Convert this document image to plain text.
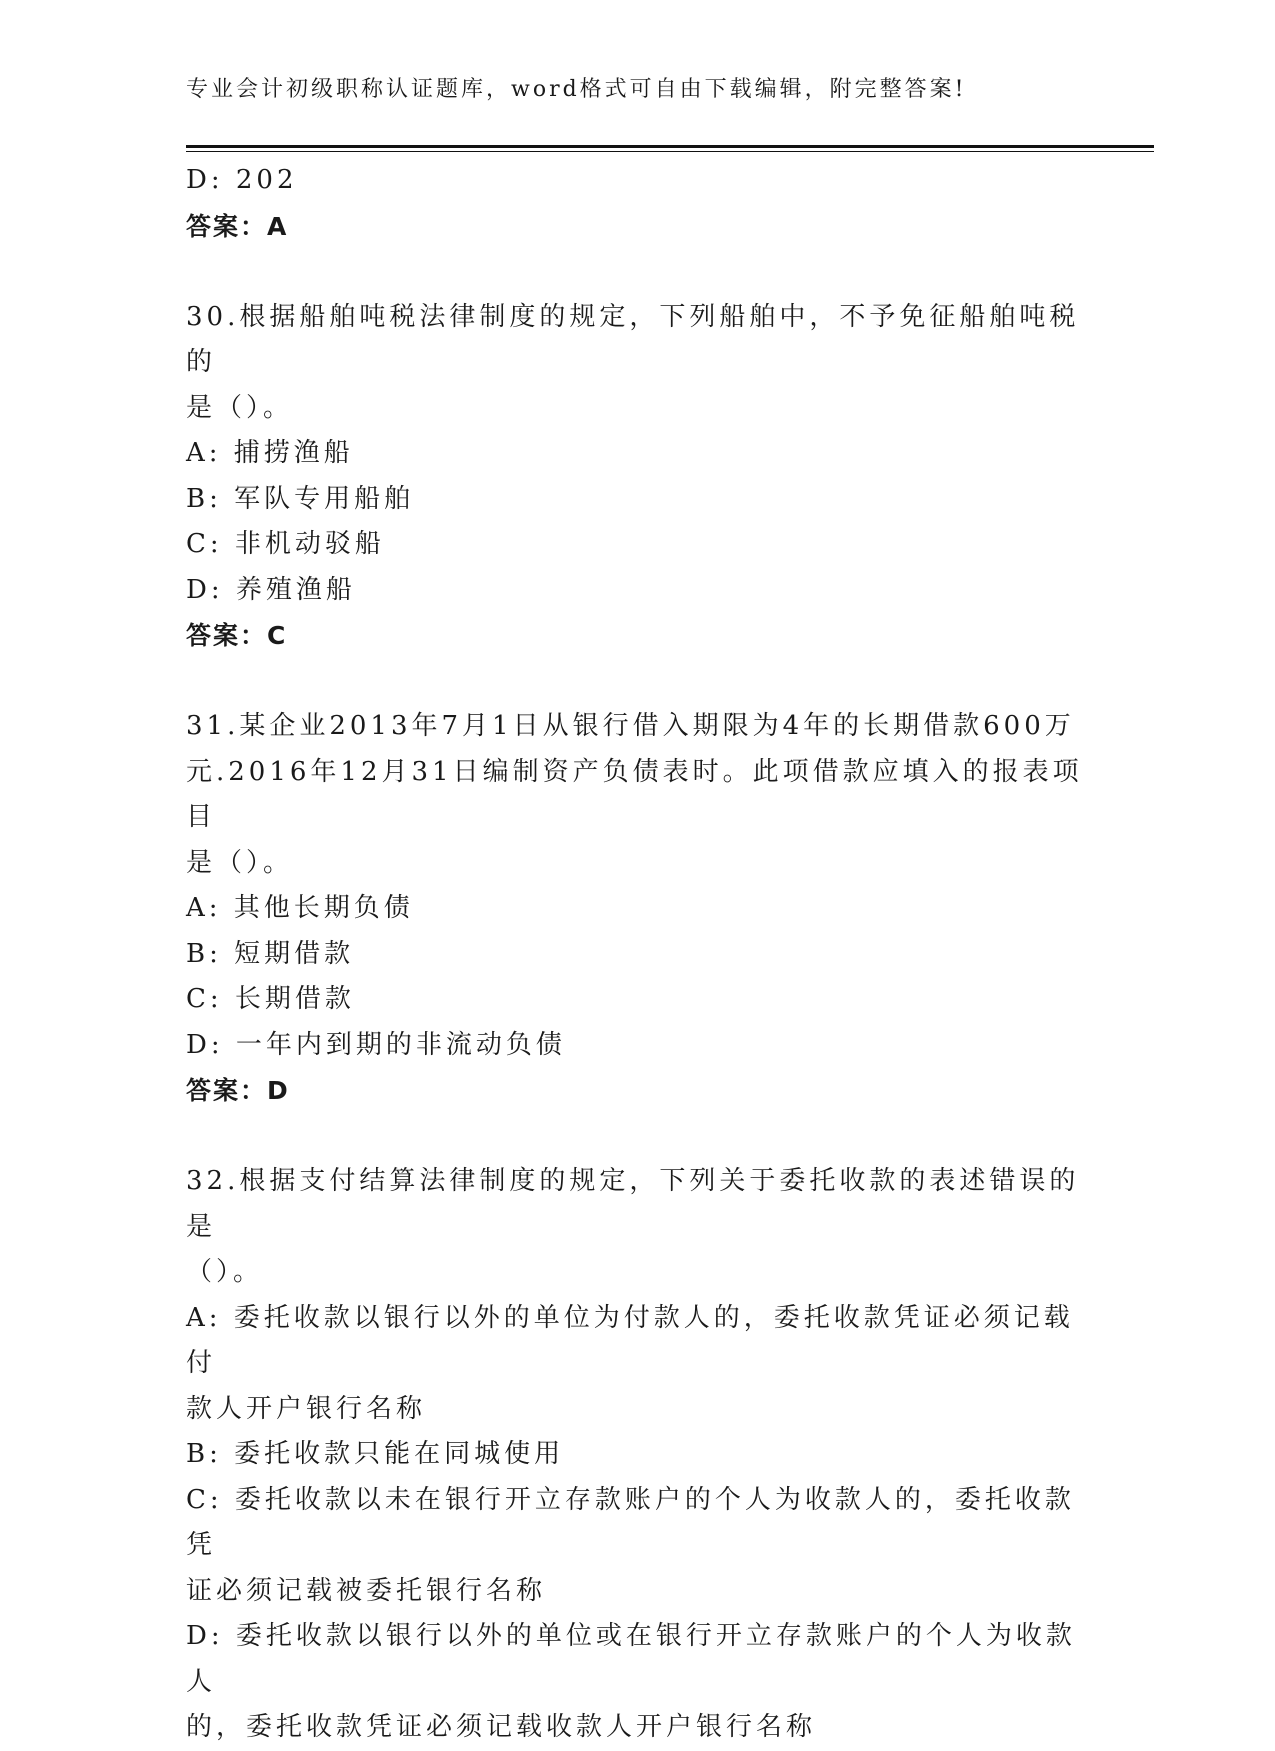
专业会计初级职称认证题库，word格式可自由下载编辑，附完整答案!

D: 202

答案：A

30.根据船舶吨税法律制度的规定，下列船舶中，不予免征船舶吨税的

是（）。

A: 捕捞渔船

B: 军队专用船舶

C: 非机动驳船

D: 养殖渔船

答案：C

31.某企业2013年7月1日从银行借入期限为4年的长期借款600万

元.2016年12月31日编制资产负债表时。此项借款应填入的报表项目

是（）。

A: 其他长期负债

B: 短期借款

C: 长期借款

D: 一年内到期的非流动负债

答案：D

32.根据支付结算法律制度的规定，下列关于委托收款的表述错误的是

（）。

A: 委托收款以银行以外的单位为付款人的，委托收款凭证必须记载付

款人开户银行名称

B: 委托收款只能在同城使用

C: 委托收款以未在银行开立存款账户的个人为收款人的，委托收款凭

证必须记载被委托银行名称

D: 委托收款以银行以外的单位或在银行开立存款账户的个人为收款人

的，委托收款凭证必须记载收款人开户银行名称
